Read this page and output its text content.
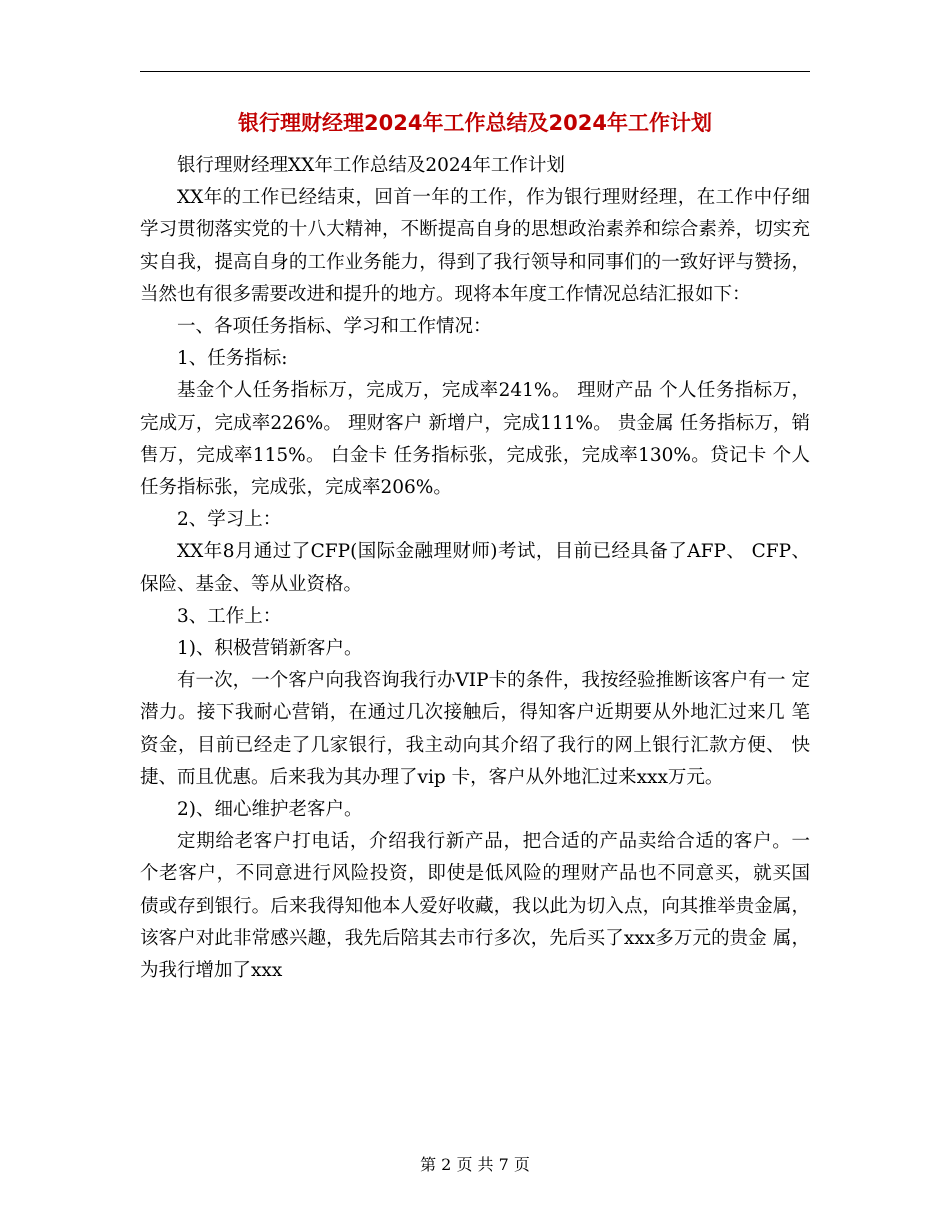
银行理财经理2024年工作总结及2024年工作计划

银行理财经理XX年工作总结及2024年工作计划

XX年的工作已经结束，回首一年的工作，作为银行理财经理，在工作中仔细学习贯彻落实党的十八大精神，不断提高自身的思想政治素养和综合素养，切实充实自我，提高自身的工作业务能力，得到了我行领导和同事们的一致好评与赞扬，当然也有很多需要改进和提升的地方。现将本年度工作情况总结汇报如下：

一、各项任务指标、学习和工作情况：

1、任务指标:

基金个人任务指标万，完成万，完成率241%。 理财产品 个人任务指标万，完成万，完成率226%。 理财客户 新增户，完成111%。 贵金属 任务指标万，销售万，完成率115%。 白金卡 任务指标张，完成张，完成率130%。贷记卡 个人任务指标张，完成张，完成率206%。

2、学习上：

XX年8月通过了CFP(国际金融理财师)考试，目前已经具备了AFP、 CFP、保险、基金、等从业资格。

3、工作上：

1)、积极营销新客户。

有一次，一个客户向我咨询我行办VIP卡的条件，我按经验推断该客户有一 定潜力。接下我耐心营销，在通过几次接触后，得知客户近期要从外地汇过来几 笔资金，目前已经走了几家银行，我主动向其介绍了我行的网上银行汇款方便、 快捷、而且优惠。后来我为其办理了vip 卡，客户从外地汇过来xxx万元。

2)、细心维护老客户。

定期给老客户打电话，介绍我行新产品，把合适的产品卖给合适的客户。一 个老客户，不同意进行风险投资，即使是低风险的理财产品也不同意买，就买国 债或存到银行。后来我得知他本人爱好收藏，我以此为切入点，向其推举贵金属， 该客户对此非常感兴趣，我先后陪其去市行多次，先后买了xxx多万元的贵金 属，为我行增加了xxx

第 2 页 共 7 页
